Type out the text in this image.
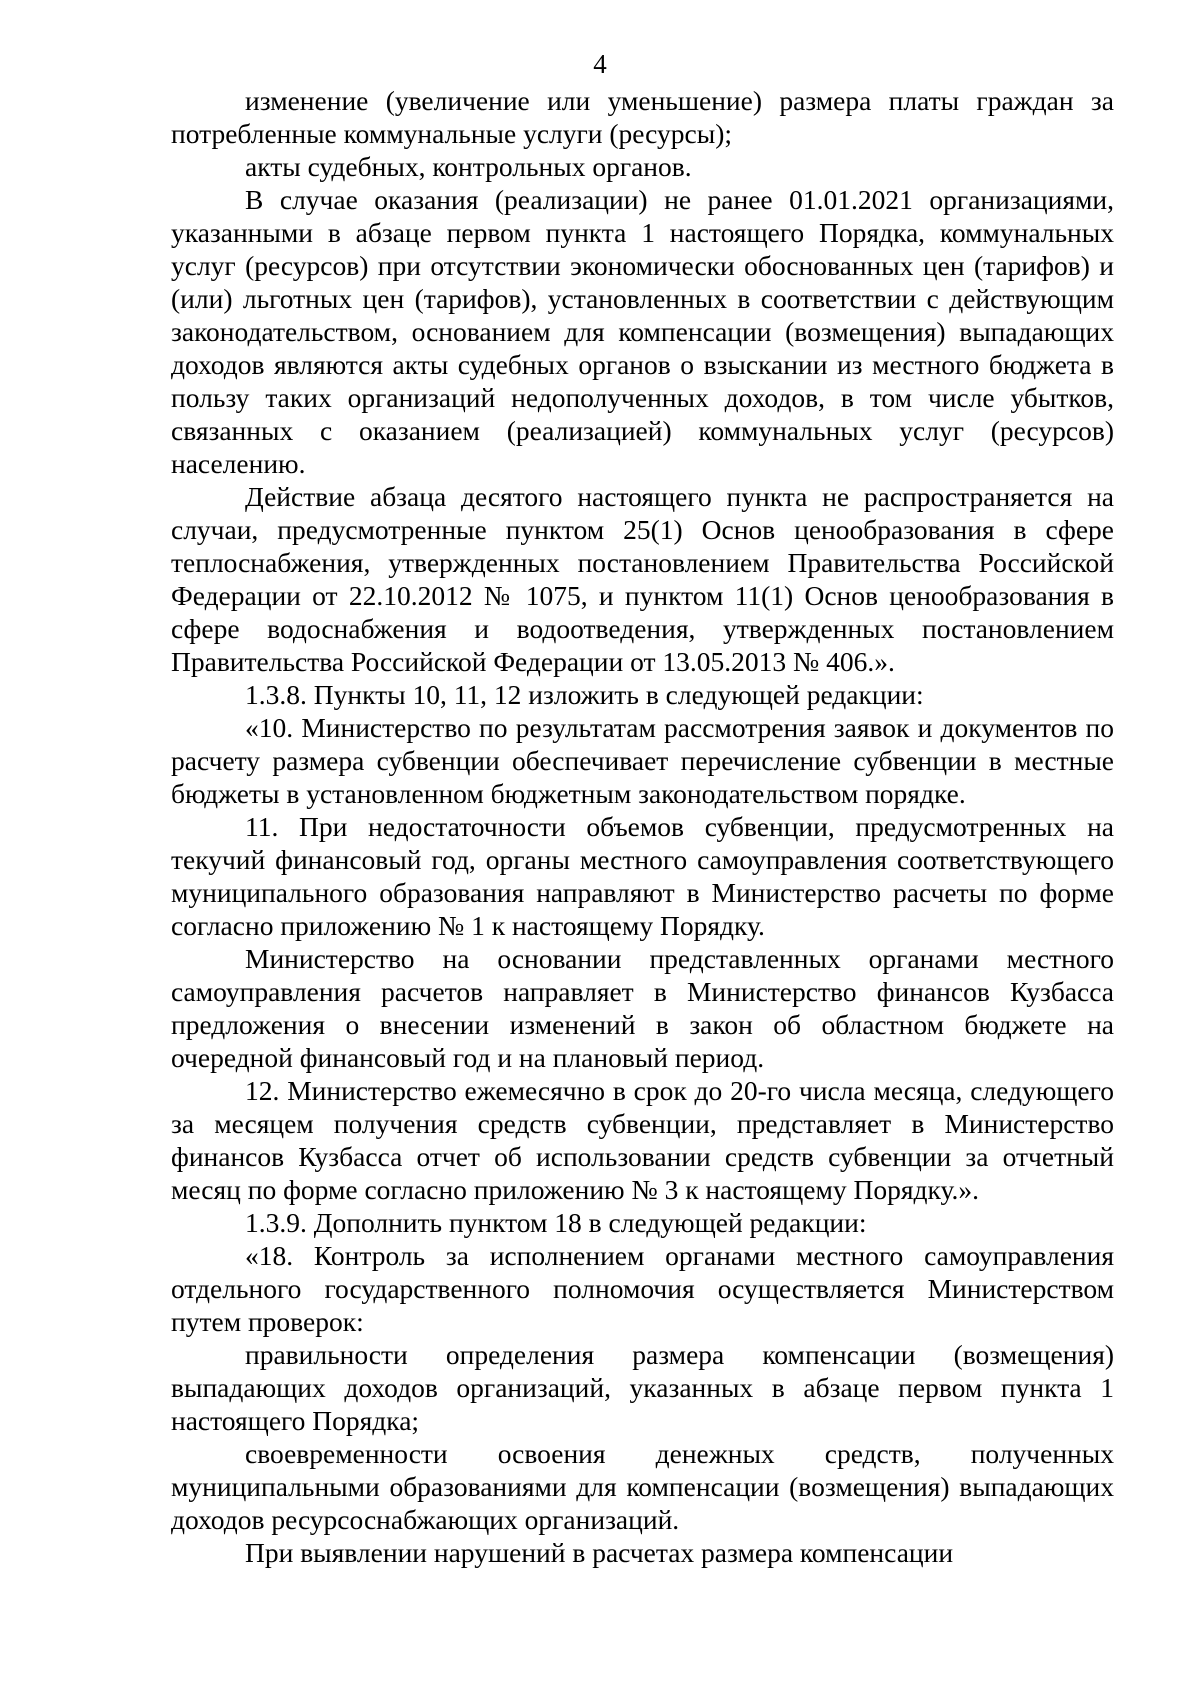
4

изменение (увеличение или уменьшение) размера платы граждан за потребленные коммунальные услуги (ресурсы);

акты судебных, контрольных органов.

В случае оказания (реализации) не ранее 01.01.2021 организациями, указанными в абзаце первом пункта 1 настоящего Порядка, коммунальных услуг (ресурсов) при отсутствии экономически обоснованных цен (тарифов) и (или) льготных цен (тарифов), установленных в соответствии с действующим законодательством, основанием для компенсации (возмещения) выпадающих доходов являются акты судебных органов о взыскании из местного бюджета в пользу таких организаций недополученных доходов, в том числе убытков, связанных с оказанием (реализацией) коммунальных услуг (ресурсов) населению.

Действие абзаца десятого настоящего пункта не распространяется на случаи, предусмотренные пунктом 25(1) Основ ценообразования в сфере теплоснабжения, утвержденных постановлением Правительства Российской Федерации от 22.10.2012 № 1075, и пунктом 11(1) Основ ценообразования в сфере водоснабжения и водоотведения, утвержденных постановлением Правительства Российской Федерации от 13.05.2013 № 406.».

1.3.8. Пункты 10, 11, 12 изложить в следующей редакции:

«10. Министерство по результатам рассмотрения заявок и документов по расчету размера субвенции обеспечивает перечисление субвенции в местные бюджеты в установленном бюджетным законодательством порядке.

11. При недостаточности объемов субвенции, предусмотренных на текучий финансовый год, органы местного самоуправления соответствующего муниципального образования направляют в Министерство расчеты по форме согласно приложению № 1 к настоящему Порядку.

Министерство на основании представленных органами местного самоуправления расчетов направляет в Министерство финансов Кузбасса предложения о внесении изменений в закон об областном бюджете на очередной финансовый год и на плановый период.

12. Министерство ежемесячно в срок до 20-го числа месяца, следующего за месяцем получения средств субвенции, представляет в Министерство финансов Кузбасса отчет об использовании средств субвенции за отчетный месяц по форме согласно приложению № 3 к настоящему Порядку.».

1.3.9. Дополнить пунктом 18 в следующей редакции:

«18. Контроль за исполнением органами местного самоуправления отдельного государственного полномочия осуществляется Министерством путем проверок:

правильности определения размера компенсации (возмещения) выпадающих доходов организаций, указанных в абзаце первом пункта 1 настоящего Порядка;

своевременности освоения денежных средств, полученных муниципальными образованиями для компенсации (возмещения) выпадающих доходов ресурсоснабжающих организаций.

При выявлении нарушений в расчетах размера компенсации
